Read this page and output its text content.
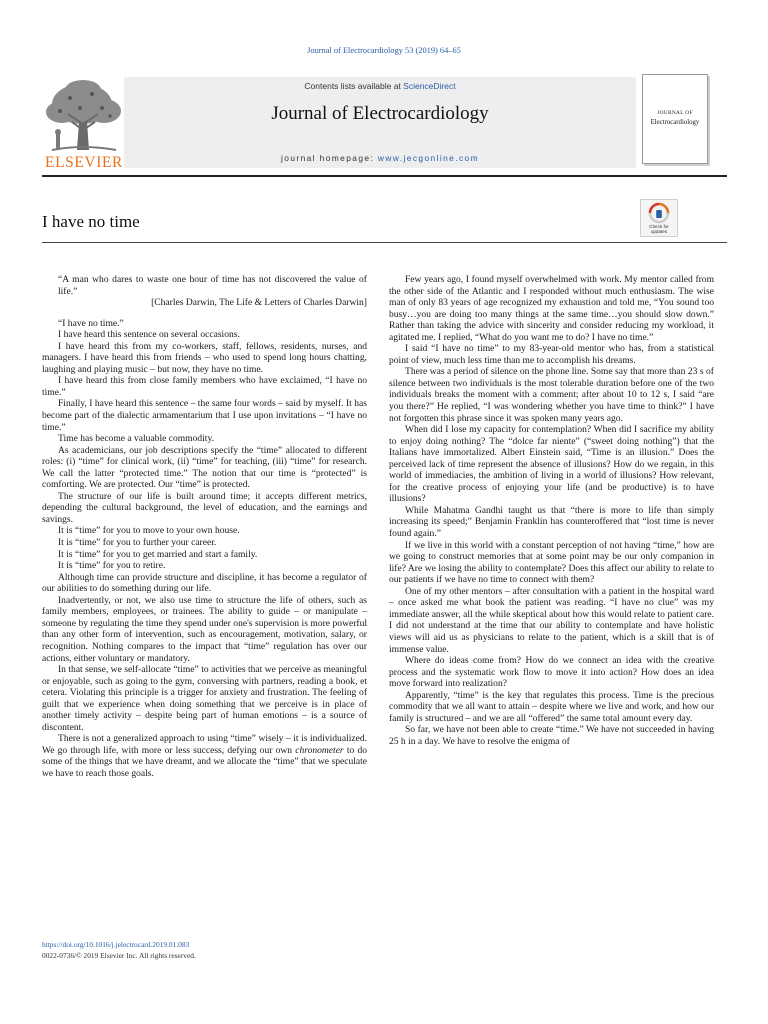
Journal of Electrocardiology 53 (2019) 64–65
ELSEVIER
Contents lists available at ScienceDirect
Journal of Electrocardiology
journal homepage: www.jecgonline.com
JOURNAL OF
Electrocardiology
I have no time	Check for
updates

“A man who dares to waste one hour of time has not discovered the value of life.”

[Charles Darwin, The Life & Letters of Charles Darwin]

“I have no time.”

I have heard this sentence on several occasions.

I have heard this from my co-workers, staff, fellows, residents, nurses, and managers. I have heard this from friends – who used to spend long hours chatting, laughing and playing music – but now, they have no time.

I have heard this from close family members who have exclaimed, “I have no time.”

Finally, I have heard this sentence – the same four words – said by myself. It has become part of the dialectic armamentarium that I use upon invitations – “I have no time.”

Time has become a valuable commodity.

As academicians, our job descriptions specify the “time” allocated to different roles: (i) “time” for clinical work, (ii) “time” for teaching, (iii) “time” for research. We call the latter “protected time.” The notion that our time is “protected” is comforting. We are protected. Our “time” is protected.

The structure of our life is built around time; it accepts different metrics, depending the cultural background, the level of education, and the earnings and savings.

It is “time” for you to move to your own house.

It is “time” for you to further your career.

It is “time” for you to get married and start a family.

It is “time” for you to retire.

Although time can provide structure and discipline, it has become a regulator of our abilities to do something during our life.

Inadvertently, or not, we also use time to structure the life of others, such as family members, employees, or trainees. The ability to guide – or manipulate – someone by regulating the time they spend under one's supervision is more powerful than any other form of intervention, such as encouragement, motivation, salary, or recognition. Nothing compares to the impact that “time” regulation has over our actions, either voluntary or mandatory.

In that sense, we self-allocate “time” to activities that we perceive as meaningful or enjoyable, such as going to the gym, conversing with partners, reading a book, et cetera. Violating this principle is a trigger for anxiety and frustration. The feeling of guilt that we experience when doing something that we perceive is in place of another timely activity – despite being part of human emotions – is a source of discontent.

There is not a generalized approach to using “time” wisely – it is individualized. We go through life, with more or less success, defying our own chronometer to do some of the things that we have dreamt, and we allocate the “time” that we speculate we have to reach those goals.

Few years ago, I found myself overwhelmed with work. My mentor called from the other side of the Atlantic and I responded without much enthusiasm. The wise man of only 83 years of age recognized my exhaustion and told me, “You sound too busy…you are doing too many things at the same time…you should slow down.” Rather than taking the advice with sincerity and consider reducing my workload, it agitated me. I replied, “What do you want me to do? I have no time.”

I said “I have no time” to my 83-year-old mentor who has, from a statistical point of view, much less time than me to accomplish his dreams.

There was a period of silence on the phone line. Some say that more than 23 s of silence between two individuals is the most tolerable duration before one of the two individuals breaks the moment with a comment; after about 10 to 12 s, I said “are you there?” He replied, “I was wondering whether you have time to think?” I have not forgotten this phrase since it was spoken many years ago.

When did I lose my capacity for contemplation? When did I sacrifice my ability to enjoy doing nothing? The “dolce far niente” (“sweet doing nothing”) that the Italians have immortalized. Albert Einstein said, “Time is an illusion.” Does the perceived lack of time represent the absence of illusions? How do we regain, in this world of immediacies, the ambition of living in a world of illusions? How relevant, for the creative process of enjoying your life (and be productive) is to have illusions?

While Mahatma Gandhi taught us that “there is more to life than simply increasing its speed;” Benjamin Franklin has counteroffered that “lost time is never found again.”

If we live in this world with a constant perception of not having “time,” how are we going to construct memories that at some point may be our only companion in life? Are we losing the ability to contemplate? Does this affect our ability to relate to our patients if we have no time to connect with them?

One of my other mentors – after consultation with a patient in the hospital ward – once asked me what book the patient was reading. “I have no clue” was my immediate answer, all the while skeptical about how this would relate to patient care. I did not understand at the time that our ability to contemplate and have holistic views will aid us as physicians to relate to the patient, which is a skill that is of immense value.

Where do ideas come from? How do we connect an idea with the creative process and the systematic work flow to move it into action? How does an idea move forward into realization?

Apparently, “time” is the key that regulates this process. Time is the precious commodity that we all want to attain – despite where we live and work, and how our family is structured – and we are all “offered” the same total amount every day.

So far, we have not been able to create “time.” We have not succeeded in having 25 h in a day. We have to resolve the enigma of

https://doi.org/10.1016/j.jelectrocard.2019.01.083
0022-0736/© 2019 Elsevier Inc. All rights reserved.
